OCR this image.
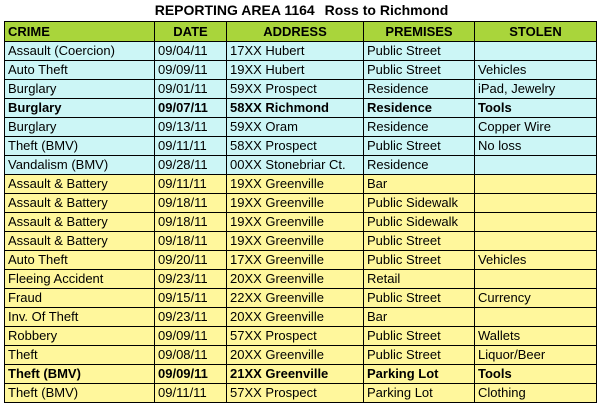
REPORTING AREA 1164 Ross to Richmond
CRIME	DATE	ADDRESS	PREMISES	STOLEN
Assault (Coercion)	09/04/11	17XX Hubert	Public Street	
Auto Theft	09/09/11	19XX Hubert	Public Street	Vehicles
Burglary	09/01/11	59XX Prospect	Residence	iPad, Jewelry
Burglary	09/07/11	58XX Richmond	Residence	Tools
Burglary	09/13/11	59XX Oram	Residence	Copper Wire
Theft (BMV)	09/11/11	58XX Prospect	Public Street	No loss
Vandalism (BMV)	09/28/11	00XX Stonebriar Ct.	Residence	
Assault & Battery	09/11/11	19XX Greenville	Bar	
Assault & Battery	09/18/11	19XX Greenville	Public Sidewalk	
Assault & Battery	09/18/11	19XX Greenville	Public Sidewalk	
Assault & Battery	09/18/11	19XX Greenville	Public Street	
Auto Theft	09/20/11	17XX Greenville	Public Street	Vehicles
Fleeing Accident	09/23/11	20XX Greenville	Retail	
Fraud	09/15/11	22XX Greenville	Public Street	Currency
Inv. Of Theft	09/23/11	20XX Greenville	Bar	
Robbery	09/09/11	57XX Prospect	Public Street	Wallets
Theft	09/08/11	20XX Greenville	Public Street	Liquor/Beer
Theft (BMV)	09/09/11	21XX Greenville	Parking Lot	Tools
Theft (BMV)	09/11/11	57XX Prospect	Parking Lot	Clothing
